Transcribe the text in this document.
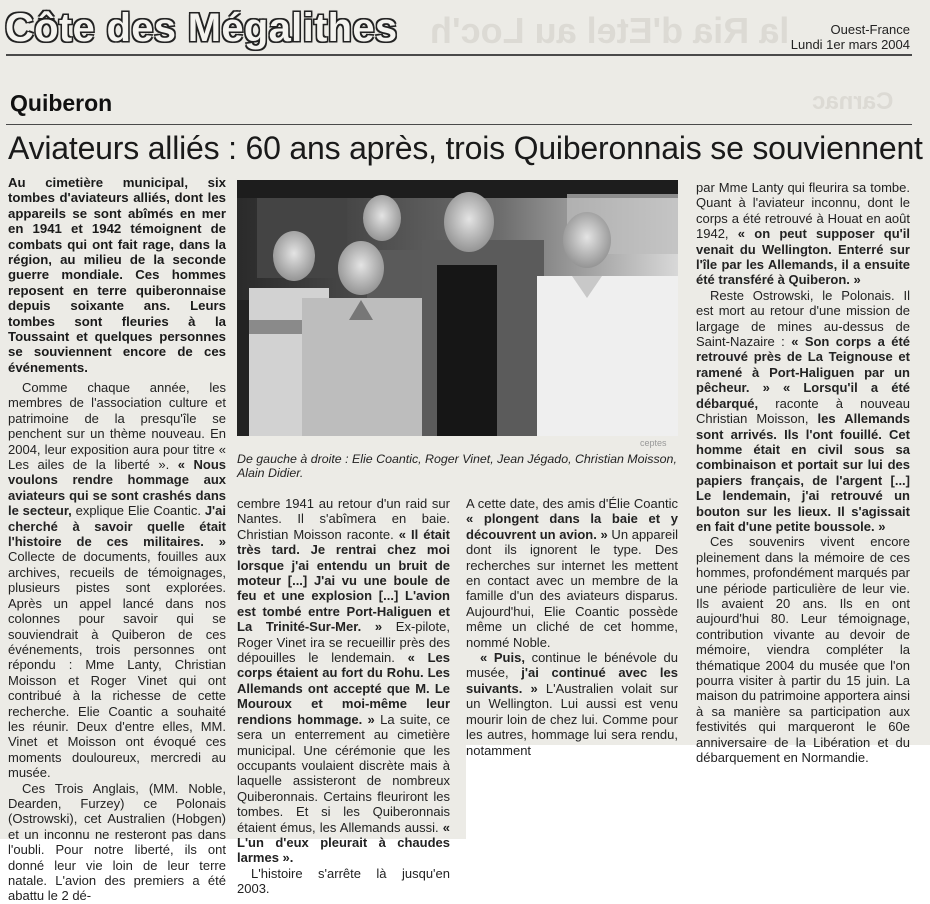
la Ria d'Etel au Loc'h
Carnac
Côte des Mégalithes	Ouest-France
Lundi 1er mars 2004
Quiberon
Aviateurs alliés : 60 ans après, trois Quiberonnais se souviennent
Au cimetière municipal, six tombes d'aviateurs alliés, dont les appareils se sont abîmés en mer en 1941 et 1942 témoignent de combats qui ont fait rage, dans la région, au milieu de la seconde guerre mondiale. Ces hommes reposent en terre quiberonnaise depuis soixante ans. Leurs tombes sont fleuries à la Toussaint et quelques personnes se souviennent encore de ces événements.

Comme chaque année, les membres de l'association culture et patrimoine de la presqu'île se penchent sur un thème nouveau. En 2004, leur exposition aura pour titre « Les ailes de la liberté ». « Nous voulons rendre hommage aux aviateurs qui se sont crashés dans le secteur, explique Elie Coantic. J'ai cherché à savoir quelle était l'histoire de ces militaires. » Collecte de documents, fouilles aux archives, recueils de témoignages, plusieurs pistes sont explorées. Après un appel lancé dans nos colonnes pour savoir qui se souviendrait à Quiberon de ces événements, trois personnes ont répondu : Mme Lanty, Christian Moisson et Roger Vinet qui ont contribué à la richesse de cette recherche. Elie Coantic a souhaité les réunir. Deux d'entre elles, MM. Vinet et Moisson ont évoqué ces moments douloureux, mercredi au musée.

Ces Trois Anglais, (MM. Noble, Dearden, Furzey) ce Polonais (Ostrowski), cet Australien (Hobgen) et un inconnu ne resteront pas dans l'oubli. Pour notre liberté, ils ont donné leur vie loin de leur terre natale. L'avion des premiers a été abattu le 2 dé-

cembre 1941 au retour d'un raid sur Nantes. Il s'abîmera en baie. Christian Moisson raconte. « Il était très tard. Je rentrai chez moi lorsque j'ai entendu un bruit de moteur [...] J'ai vu une boule de feu et une explosion [...] L'avion est tombé entre Port-Haliguen et La Trinité-Sur-Mer. » Ex-pilote, Roger Vinet ira se recueillir près des dépouilles le lendemain. « Les corps étaient au fort du Rohu. Les Allemands ont accepté que M. Le Mouroux et moi-même leur rendions hommage. » La suite, ce sera un enterrement au cimetière municipal. Une cérémonie que les occupants voulaient discrète mais à laquelle assisteront de nombreux Quiberonnais. Certains fleuriront les tombes. Et si les Quiberonnais étaient émus, les Allemands aussi. « L'un d'eux pleurait à chaudes larmes ».

L'histoire s'arrête là jusqu'en 2003.

A cette date, des amis d'Élie Coantic « plongent dans la baie et y découvrent un avion. » Un appareil dont ils ignorent le type. Des recherches sur internet les mettent en contact avec un membre de la famille d'un des aviateurs disparus. Aujourd'hui, Elie Coantic possède même un cliché de cet homme, nommé Noble.

« Puis, continue le bénévole du musée, j'ai continué avec les suivants. » L'Australien volait sur un Wellington. Lui aussi est venu mourir loin de chez lui. Comme pour les autres, hommage lui sera rendu, notamment

par Mme Lanty qui fleurira sa tombe. Quant à l'aviateur inconnu, dont le corps a été retrouvé à Houat en août 1942, « on peut supposer qu'il venait du Wellington. Enterré sur l'île par les Allemands, il a ensuite été transféré à Quiberon. »

Reste Ostrowski, le Polonais. Il est mort au retour d'une mission de largage de mines au-dessus de Saint-Nazaire : « Son corps a été retrouvé près de La Teignouse et ramené à Port-Haliguen par un pêcheur. » « Lorsqu'il a été débarqué, raconte à nouveau Christian Moisson, les Allemands sont arrivés. Ils l'ont fouillé. Cet homme était en civil sous sa combinaison et portait sur lui des papiers français, de l'argent [...] Le lendemain, j'ai retrouvé un bouton sur les lieux. Il s'agissait en fait d'une petite boussole. »

Ces souvenirs vivent encore pleinement dans la mémoire de ces hommes, profondément marqués par une période particulière de leur vie. Ils avaient 20 ans. Ils en ont aujourd'hui 80. Leur témoignage, contribution vivante au devoir de mémoire, viendra compléter la thématique 2004 du musée que l'on pourra visiter à partir du 15 juin. La maison du patrimoine apportera ainsi à sa manière sa participation aux festivités qui marqueront le 60e anniversaire de la Libération et du débarquement en Normandie.

ceptes
De gauche à droite : Elie Coantic, Roger Vinet, Jean Jégado, Christian Moisson, Alain Didier.
